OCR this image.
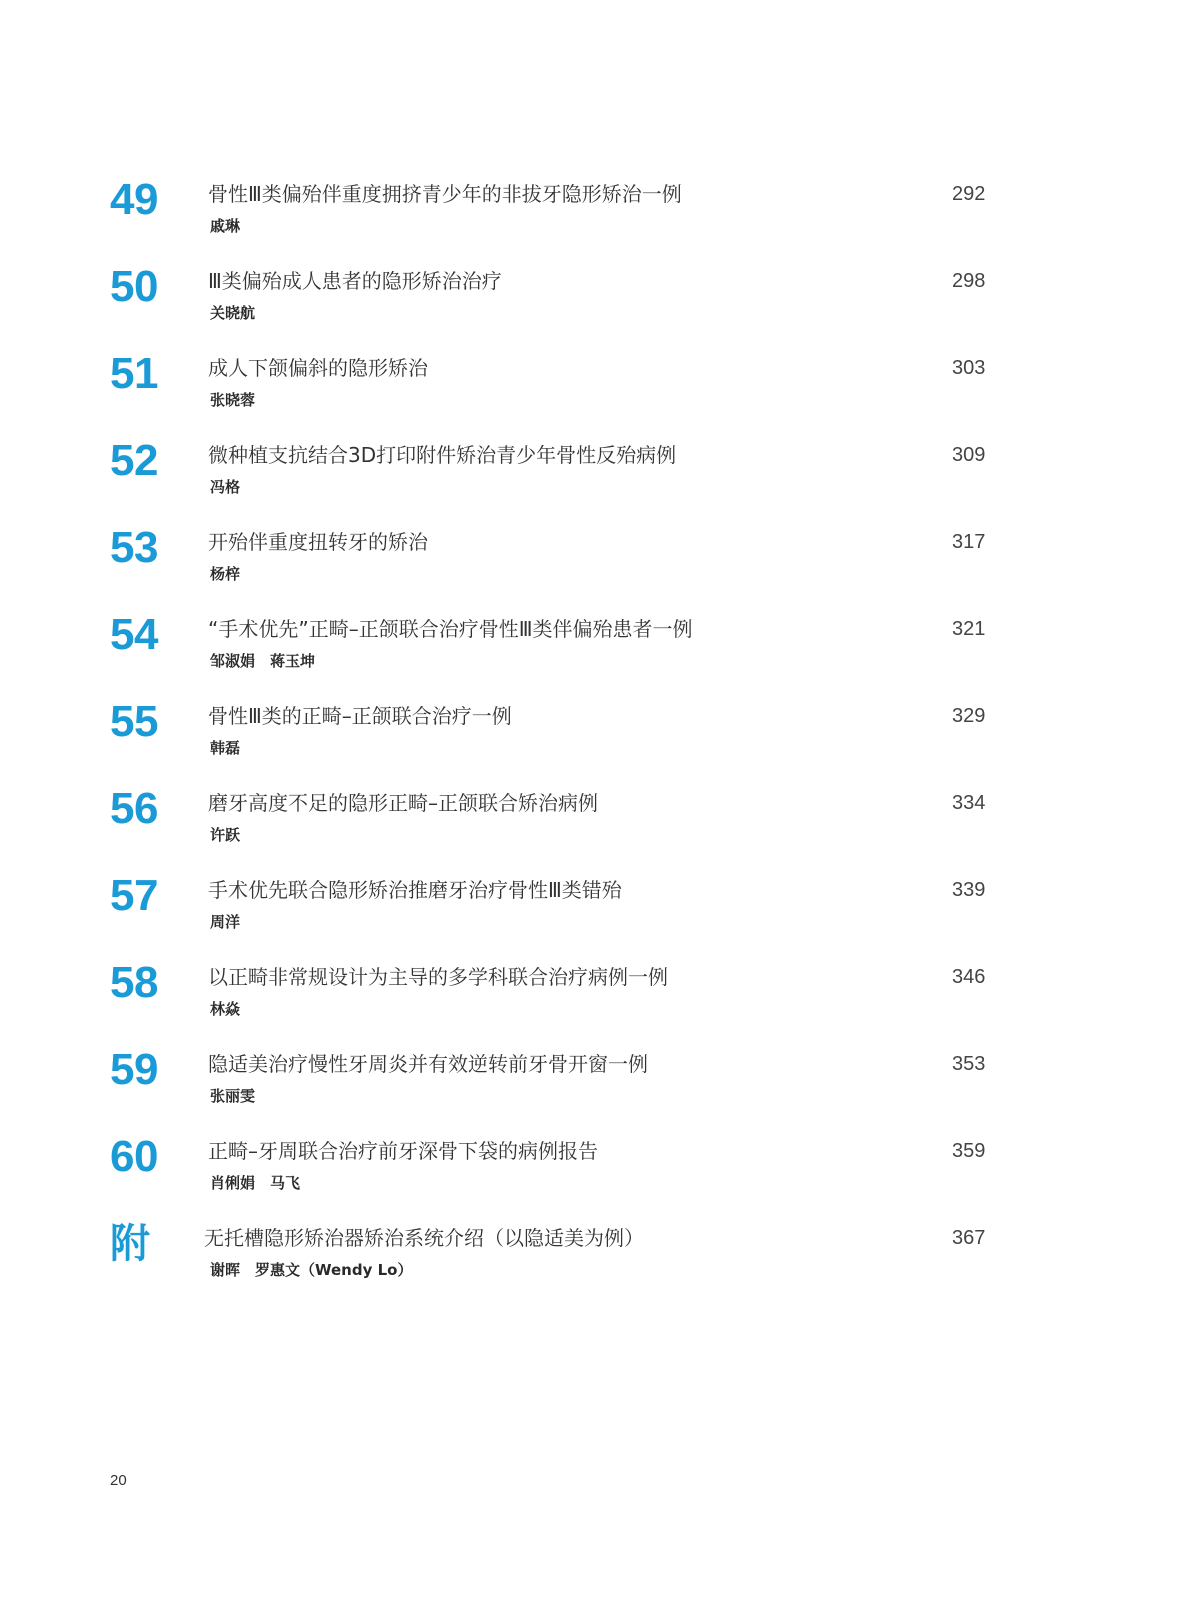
49	骨性Ⅲ类偏殆伴重度拥挤青少年的非拔牙隐形矫治一例
戚琳
292
50	Ⅲ类偏殆成人患者的隐形矫治治疗
关晓航
298
51	成人下颌偏斜的隐形矫治
张晓蓉
303
52	微种植支抗结合3D打印附件矫治青少年骨性反殆病例
冯格
309
53	开殆伴重度扭转牙的矫治
杨梓
317
54	“手术优先”正畸–正颌联合治疗骨性Ⅲ类伴偏殆患者一例
邹淑娟　蒋玉坤
321
55	骨性Ⅲ类的正畸–正颌联合治疗一例
韩磊
329
56	磨牙高度不足的隐形正畸–正颌联合矫治病例
许跃
334
57	手术优先联合隐形矫治推磨牙治疗骨性Ⅲ类错殆
周洋
339
58	以正畸非常规设计为主导的多学科联合治疗病例一例
林焱
346
59	隐适美治疗慢性牙周炎并有效逆转前牙骨开窗一例
张丽雯
353
60	正畸–牙周联合治疗前牙深骨下袋的病例报告
肖俐娟　马飞
359
附	无托槽隐形矫治器矫治系统介绍（以隐适美为例）
谢晖　罗惠文（Wendy Lo）
367
20
